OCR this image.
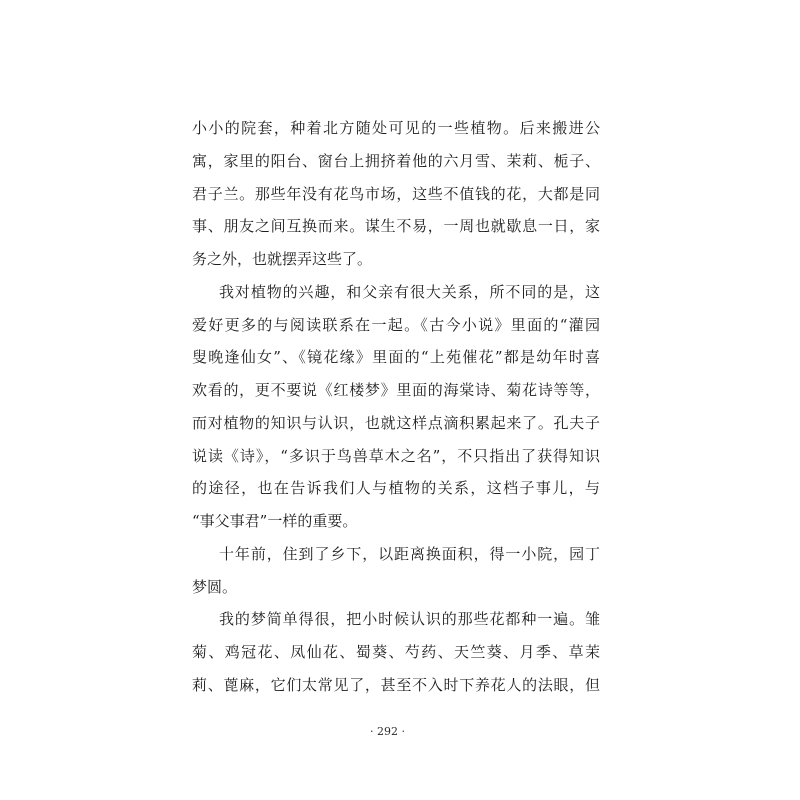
小小的院套，种着北方随处可见的一些植物。后来搬进公
寓，家里的阳台、窗台上拥挤着他的六月雪、茉莉、栀子、
君子兰。那些年没有花鸟市场，这些不值钱的花，大都是同
事、朋友之间互换而来。谋生不易，一周也就歇息一日，家
务之外，也就摆弄这些了。
我对植物的兴趣，和父亲有很大关系，所不同的是，这
爱好更多的与阅读联系在一起。《古今小说》里面的“灌园
叟晚逢仙女”、《镜花缘》里面的“上苑催花”都是幼年时喜
欢看的，更不要说《红楼梦》里面的海棠诗、菊花诗等等，
而对植物的知识与认识，也就这样点滴积累起来了。孔夫子
说读《诗》，“多识于鸟兽草木之名”，不只指出了获得知识
的途径，也在告诉我们人与植物的关系，这档子事儿，与
“事父事君”一样的重要。
十年前，住到了乡下，以距离换面积，得一小院，园丁
梦圆。
我的梦简单得很，把小时候认识的那些花都种一遍。雏
菊、鸡冠花、凤仙花、蜀葵、芍药、天竺葵、月季、草茉
莉、蓖麻，它们太常见了，甚至不入时下养花人的法眼，但
· 292 ·
